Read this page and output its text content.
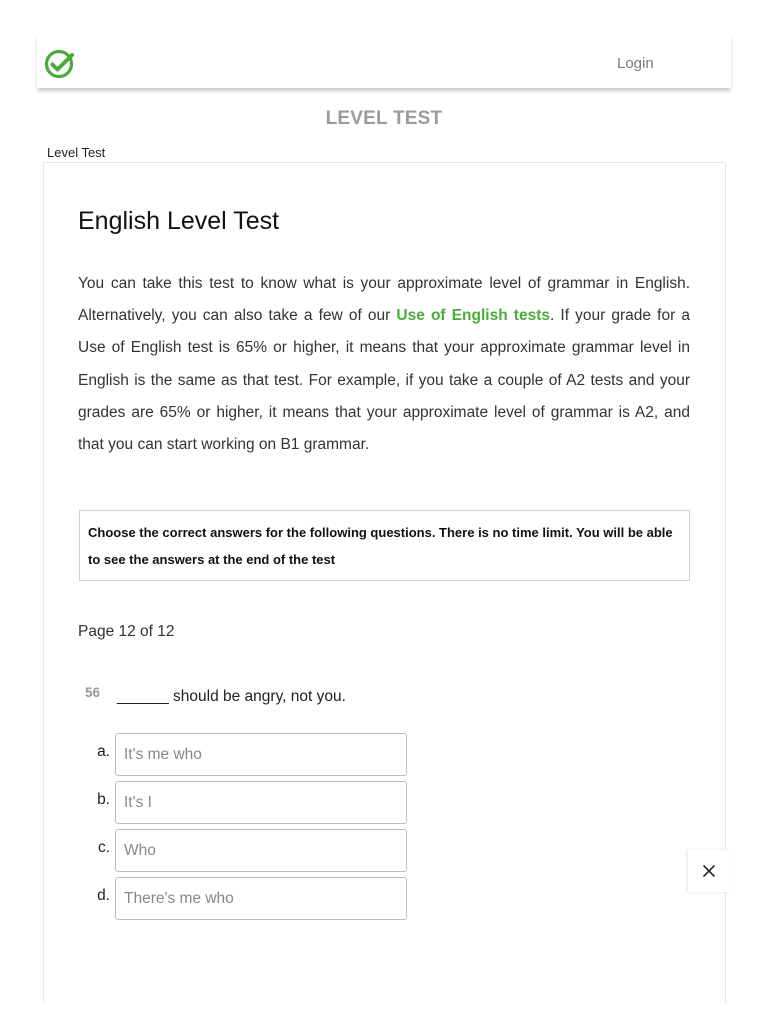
Login
LEVEL TEST
Level Test
English Level Test

You can take this test to know what is your approximate level of grammar in English. Alternatively, you can also take a few of our Use of English tests. If your grade for a Use of English test is 65% or higher, it means that your approximate grammar level in English is the same as that test. For example, if you take a couple of A2 tests and your grades are 65% or higher, it means that your approximate level of grammar is A2, and that you can start working on B1 grammar.

Choose the correct answers for the following questions. There is no time limit. You will be able to see the answers at the end of the test
Page 12 of 12
56 ______ should be angry, not you.
a. It's me who
b. It's I
c. Who
d. There's me who
